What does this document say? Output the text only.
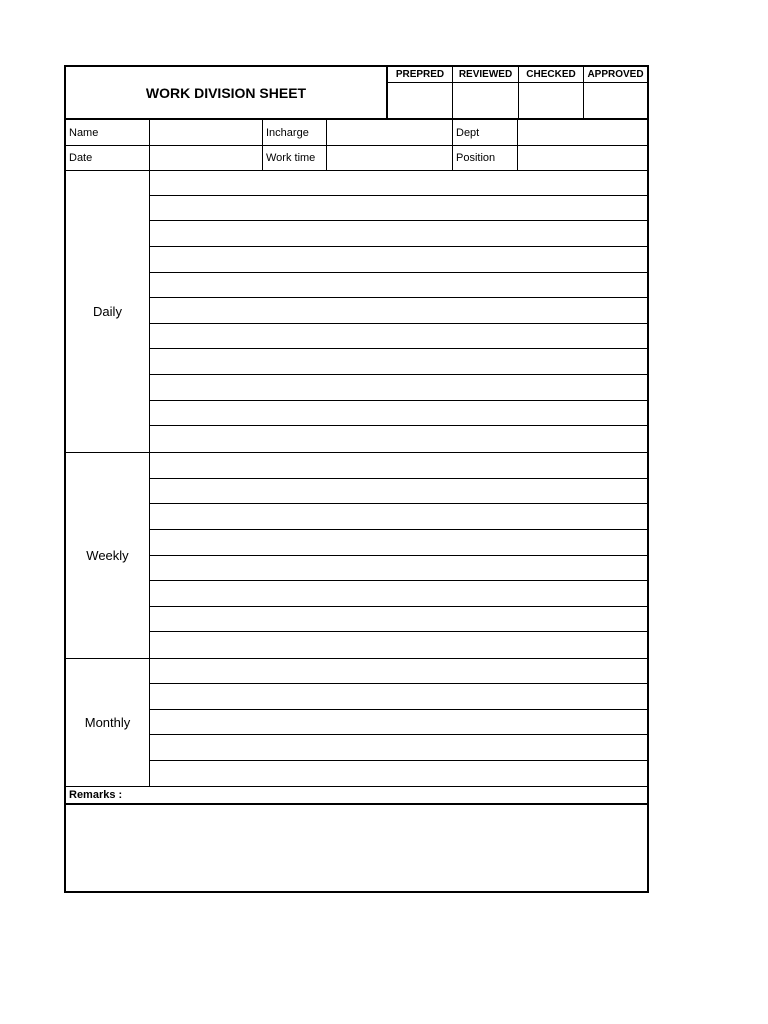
WORK DIVISION SHEET
PREPRED	REVIEWED	CHECKED	APPROVED
Name	Incharge	Dept
Date	Work time	Position
Daily
Weekly
Monthly
Remarks :
